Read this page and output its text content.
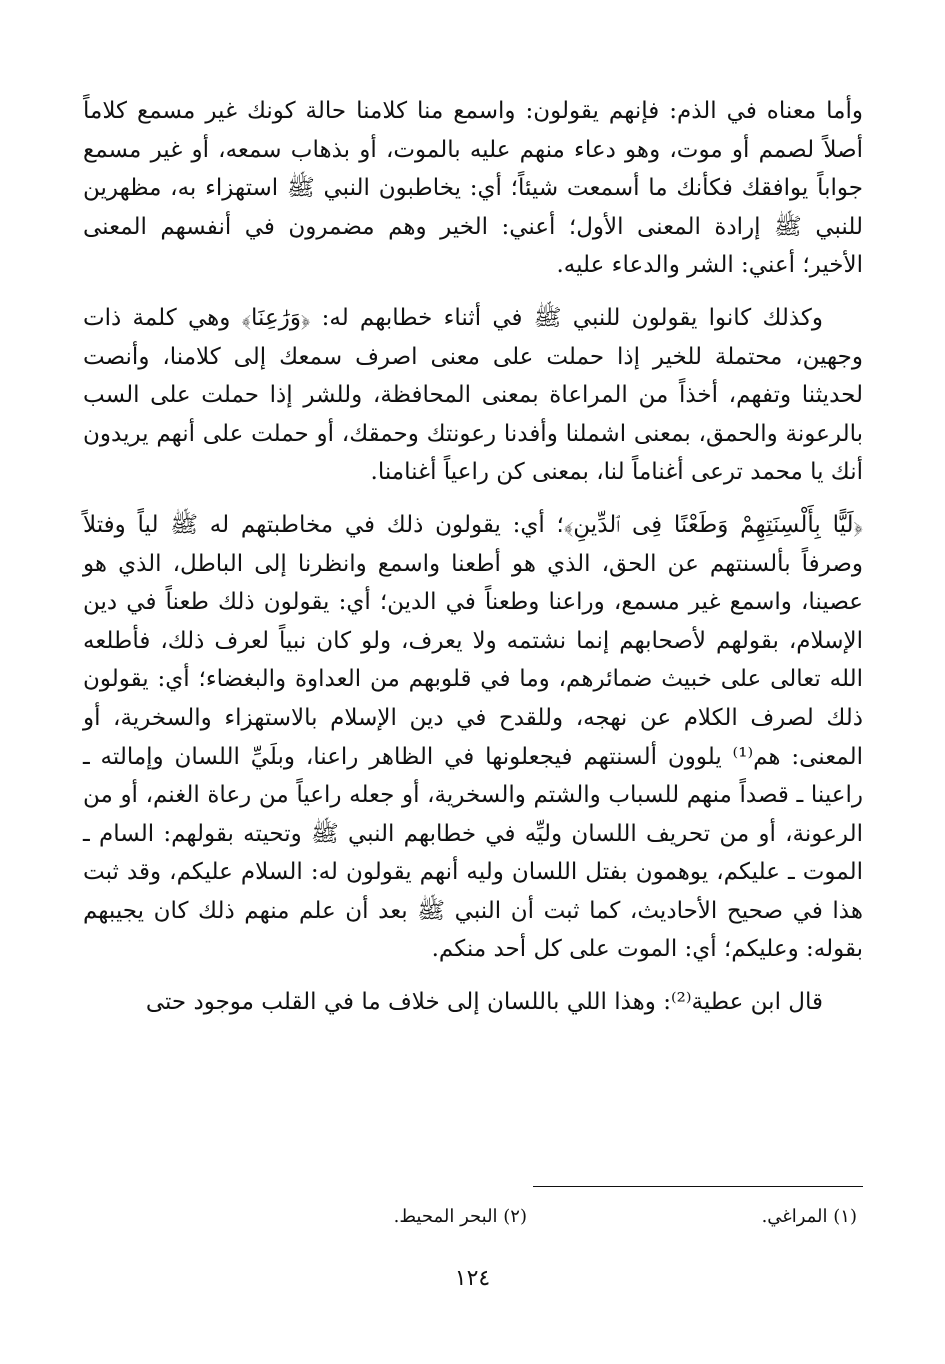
وأما معناه في الذم: فإنهم يقولون: واسمع منا كلامنا حالة كونك غير مسمع كلاماً أصلاً لصمم أو موت، وهو دعاء منهم عليه بالموت، أو بذهاب سمعه، أو غير مسمع جواباً يوافقك فكأنك ما أسمعت شيئاً؛ أي: يخاطبون النبي ﷺ استهزاء به، مظهرين للنبي ﷺ إرادة المعنى الأول؛ أعني: الخير وهم مضمرون في أنفسهم المعنى الأخير؛ أعني: الشر والدعاء عليه.

وكذلك كانوا يقولون للنبي ﷺ في أثناء خطابهم له: ﴿وَرَٰعِنَا﴾ وهي كلمة ذات وجهين، محتملة للخير إذا حملت على معنى اصرف سمعك إلى كلامنا، وأنصت لحديثنا وتفهم، أخذاً من المراعاة بمعنى المحافظة، وللشر إذا حملت على السب بالرعونة والحمق، بمعنى اشملنا وأفدنا رعونتك وحمقك، أو حملت على أنهم يريدون أنك يا محمد ترعى أغناماً لنا، بمعنى كن راعياً أغنامنا.

﴿لَيًّا بِأَلْسِنَتِهِمْ وَطَعْنًا فِى ٱلدِّينِ﴾؛ أي: يقولون ذلك في مخاطبتهم له ﷺ لياً وفتلاً وصرفاً بألسنتهم عن الحق، الذي هو أطعنا واسمع وانظرنا إلى الباطل، الذي هو عصينا، واسمع غير مسمع، وراعنا وطعناً في الدين؛ أي: يقولون ذلك طعناً في دين الإسلام، بقولهم لأصحابهم إنما نشتمه ولا يعرف، ولو كان نبياً لعرف ذلك، فأطلعه الله تعالى على خبيث ضمائرهم، وما في قلوبهم من العداوة والبغضاء؛ أي: يقولون ذلك لصرف الكلام عن نهجه، وللقدح في دين الإسلام بالاستهزاء والسخرية، أو المعنى: هم⁽¹⁾ يلوون ألسنتهم فيجعلونها في الظاهر راعنا، وبلَيِّ اللسان وإمالته ـ راعينا ـ قصداً منهم للسباب والشتم والسخرية، أو جعله راعياً من رعاة الغنم، أو من الرعونة، أو من تحريف اللسان وليِّه في خطابهم النبي ﷺ وتحيته بقولهم: السام ـ الموت ـ عليكم، يوهمون بفتل اللسان وليه أنهم يقولون له: السلام عليكم، وقد ثبت هذا في صحيح الأحاديث، كما ثبت أن النبي ﷺ بعد أن علم منهم ذلك كان يجيبهم بقوله: وعليكم؛ أي: الموت على كل أحد منكم.

قال ابن عطية⁽²⁾: وهذا اللي باللسان إلى خلاف ما في القلب موجود حتى

(١) المراغي.
(٢) البحر المحيط.
١٢٤
